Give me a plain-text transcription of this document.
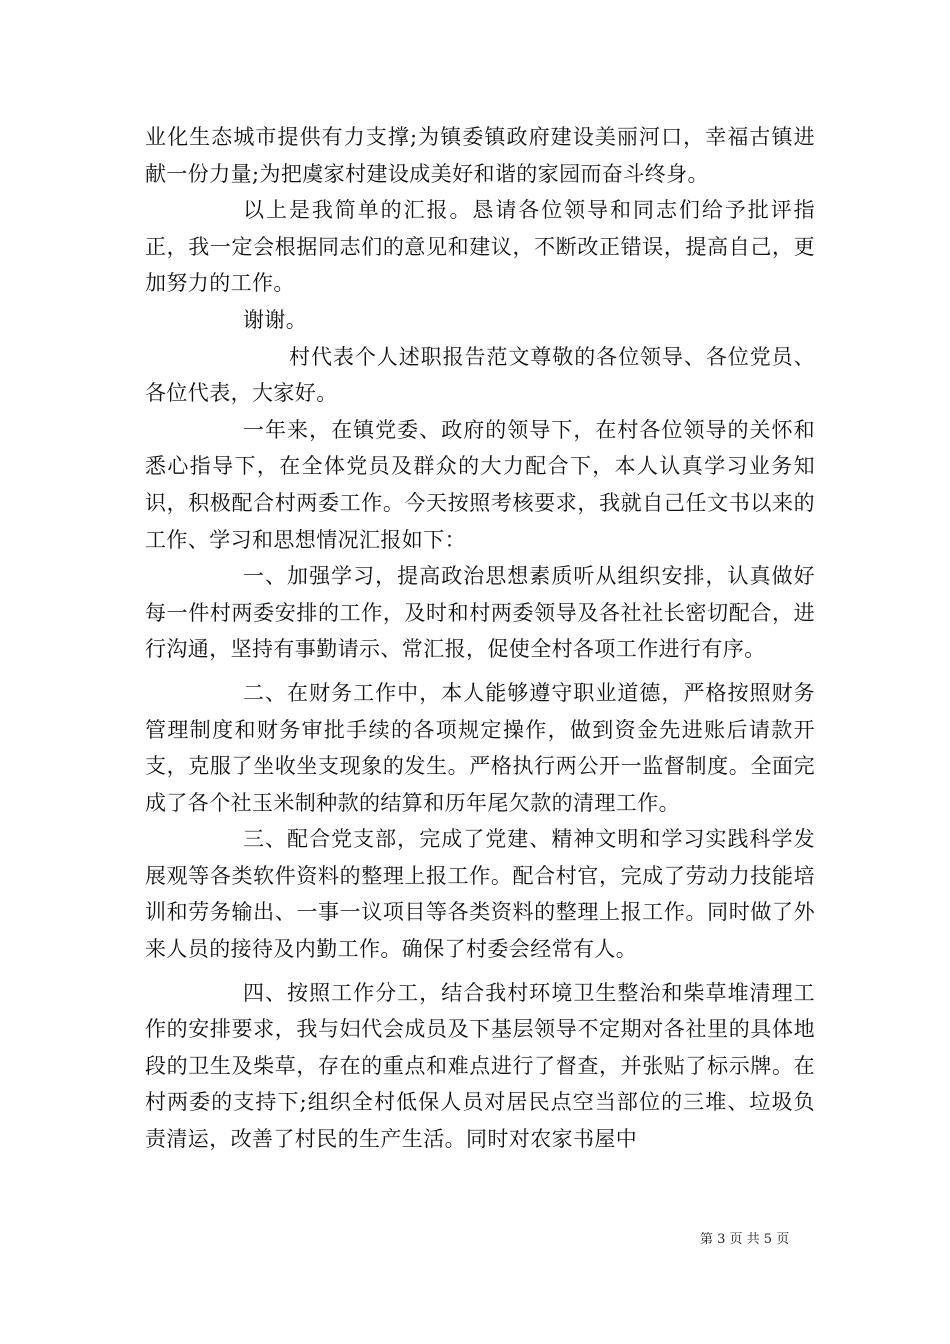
业化生态城市提供有力支撑;为镇委镇政府建设美丽河口，幸福古镇进献一份力量;为把虞家村建设成美好和谐的家园而奋斗终身。

以上是我简单的汇报。恳请各位领导和同志们给予批评指正，我一定会根据同志们的意见和建议，不断改正错误，提高自己，更加努力的工作。

谢谢。

村代表个人述职报告范文尊敬的各位领导、各位党员、各位代表，大家好。

一年来，在镇党委、政府的领导下，在村各位领导的关怀和悉心指导下，在全体党员及群众的大力配合下，本人认真学习业务知识，积极配合村两委工作。今天按照考核要求，我就自己任文书以来的工作、学习和思想情况汇报如下：

一、加强学习，提高政治思想素质听从组织安排，认真做好每一件村两委安排的工作，及时和村两委领导及各社社长密切配合，进行沟通，坚持有事勤请示、常汇报，促使全村各项工作进行有序。

二、在财务工作中，本人能够遵守职业道德，严格按照财务管理制度和财务审批手续的各项规定操作，做到资金先进账后请款开支，克服了坐收坐支现象的发生。严格执行两公开一监督制度。全面完成了各个社玉米制种款的结算和历年尾欠款的清理工作。

三、配合党支部，完成了党建、精神文明和学习实践科学发展观等各类软件资料的整理上报工作。配合村官，完成了劳动力技能培训和劳务输出、一事一议项目等各类资料的整理上报工作。同时做了外来人员的接待及内勤工作。确保了村委会经常有人。

四、按照工作分工，结合我村环境卫生整治和柴草堆清理工作的安排要求，我与妇代会成员及下基层领导不定期对各社里的具体地段的卫生及柴草，存在的重点和难点进行了督查，并张贴了标示牌。在村两委的支持下;组织全村低保人员对居民点空当部位的三堆、垃圾负责清运，改善了村民的生产生活。同时对农家书屋中

第 3 页 共 5 页
